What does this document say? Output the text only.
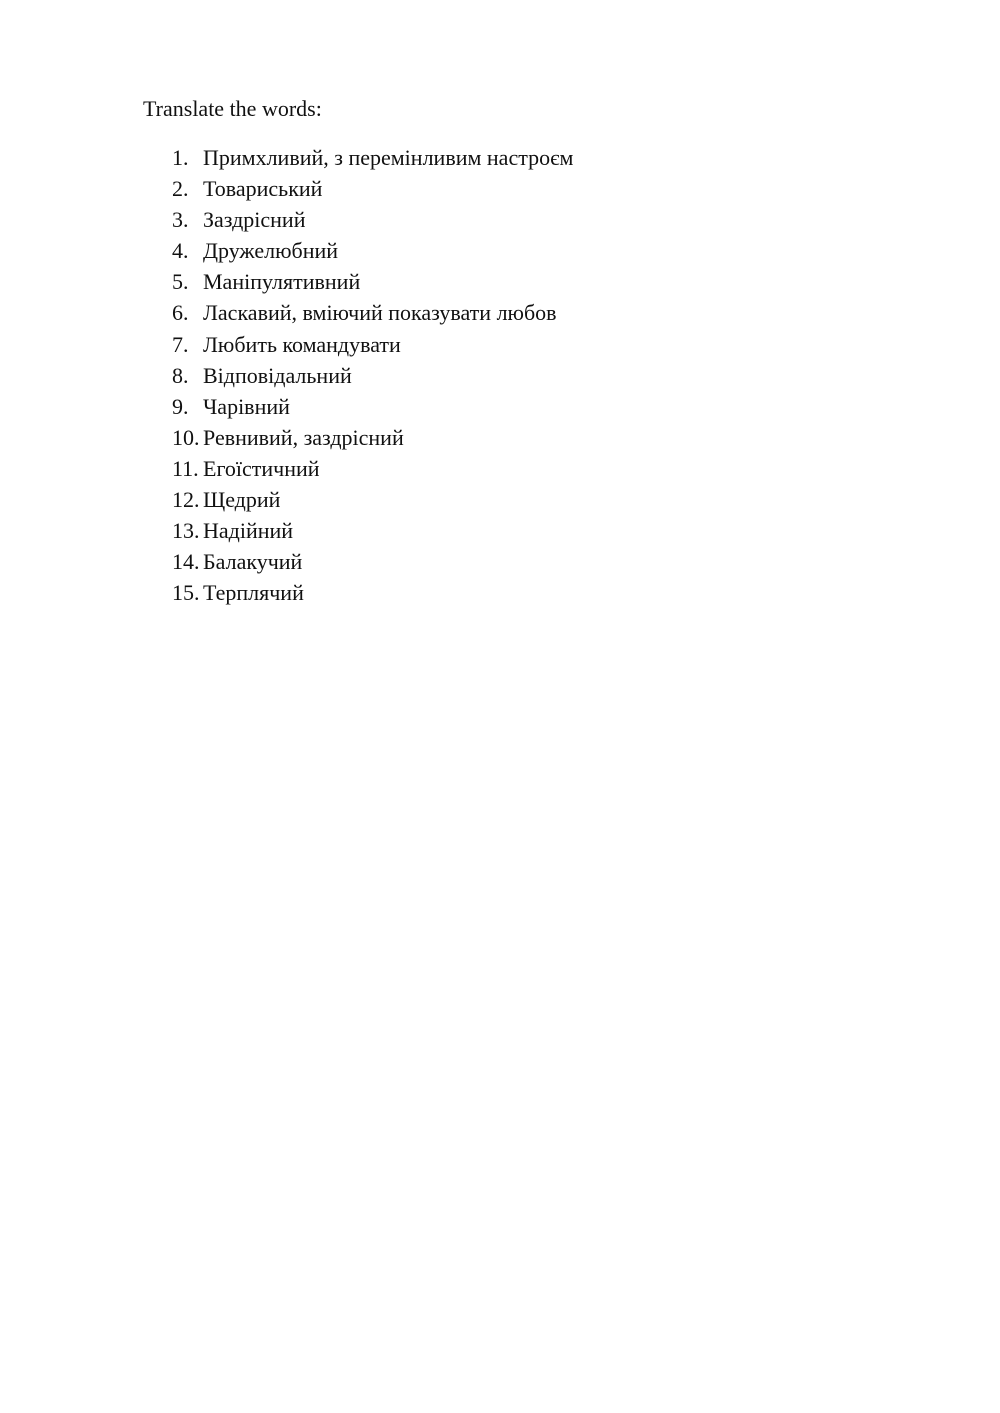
Translate the words:

1. Примхливий, з перемінливим настроєм
2. Товариський
3. Заздрісний
4. Дружелюбний
5. Маніпулятивний
6. Ласкавий, вміючий показувати любов
7. Любить командувати
8. Відповідальний
9. Чарівний
10. Ревнивий, заздрісний
11. Егоїстичний
12. Щедрий
13. Надійний
14. Балакучий
15. Терплячий
